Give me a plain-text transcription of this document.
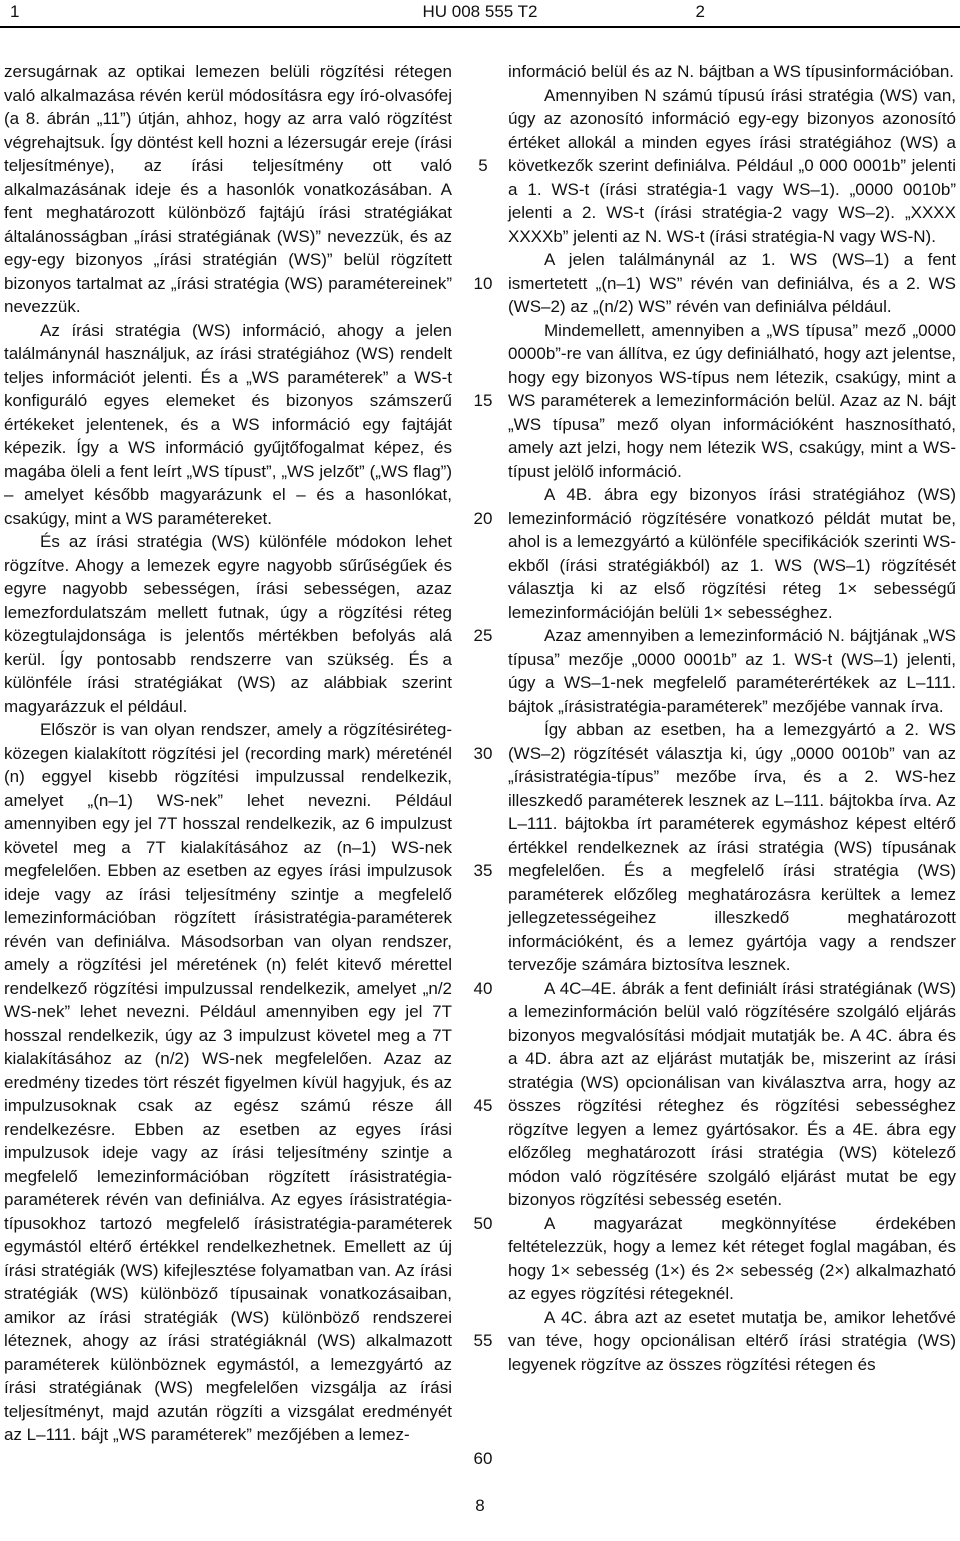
1	HU 008 555 T2	2

zersugárnak az optikai lemezen belüli rögzítési rétegen való alkalmazása révén kerül módosításra egy író-olvasófej (a 8. ábrán „11”) útján, ahhoz, hogy az arra való rögzítést végrehajtsuk. Így döntést kell hozni a lézersugár ereje (írási teljesítménye), az írási teljesítmény ott való alkalmazásának ideje és a hasonlók vonatkozásában. A fent meghatározott különböző fajtájú írási stratégiákat általánosságban „írási stratégiának (WS)” nevezzük, és az egy-egy bizonyos „írási stratégián (WS)” belül rögzített bizonyos tartalmat az „írási stratégia (WS) paramétereinek” nevezzük.

Az írási stratégia (WS) információ, ahogy a jelen találmánynál használjuk, az írási stratégiához (WS) rendelt teljes információt jelenti. És a „WS paraméterek” a WS-t konfiguráló egyes elemeket és bizonyos számszerű értékeket jelentenek, és a WS információ egy fajtáját képezik. Így a WS információ gyűjtőfogalmat képez, és magába öleli a fent leírt „WS típust”, „WS jelzőt” („WS flag”) – amelyet később magyarázunk el – és a hasonlókat, csakúgy, mint a WS paramétereket.

És az írási stratégia (WS) különféle módokon lehet rögzítve. Ahogy a lemezek egyre nagyobb sűrűségűek és egyre nagyobb sebességen, írási sebességen, azaz lemezfordulatszám mellett futnak, úgy a rögzítési réteg közegtulajdonsága is jelentős mértékben befolyás alá kerül. Így pontosabb rendszerre van szükség. És a különféle írási stratégiákat (WS) az alábbiak szerint magyarázzuk el például.

Először is van olyan rendszer, amely a rögzítésiréteg-közegen kialakított rögzítési jel (recording mark) méreténél (n) eggyel kisebb rögzítési impulzussal rendelkezik, amelyet „(n–1) WS-nek” lehet nevezni. Például amennyiben egy jel 7T hosszal rendelkezik, az 6 impulzust követel meg a 7T kialakításához az (n–1) WS-nek megfelelően. Ebben az esetben az egyes írási impulzusok ideje vagy az írási teljesítmény szintje a megfelelő lemezinformációban rögzített írásistratégia-paraméterek révén van definiálva. Másodsorban van olyan rendszer, amely a rögzítési jel méretének (n) felét kitevő mérettel rendelkező rögzítési impulzussal rendelkezik, amelyet „n/2 WS-nek” lehet nevezni. Például amennyiben egy jel 7T hosszal rendelkezik, úgy az 3 impulzust követel meg a 7T kialakításához az (n/2) WS-nek megfelelően. Azaz az eredmény tizedes tört részét figyelmen kívül hagyjuk, és az impulzusoknak csak az egész számú része áll rendelkezésre. Ebben az esetben az egyes írási impulzusok ideje vagy az írási teljesítmény szintje a megfelelő lemezinformációban rögzített írásistratégia-paraméterek révén van definiálva. Az egyes írásistratégia-típusokhoz tartozó megfelelő írásistratégia-paraméterek egymástól eltérő értékkel rendelkezhetnek. Emellett az új írási stratégiák (WS) kifejlesztése folyamatban van. Az írási stratégiák (WS) különböző típusainak vonatkozásaiban, amikor az írási stratégiák (WS) különböző rendszerei léteznek, ahogy az írási stratégiáknál (WS) alkalmazott paraméterek különböznek egymástól, a lemezgyártó az írási stratégiának (WS) megfelelően vizsgálja az írási teljesítményt, majd azután rögzíti a vizsgálat eredményét az L–111. bájt „WS paraméterek” mezőjében a lemez-

5
10
15
20
25
30
35
40
45
50
55
60

információ belül és az N. bájtban a WS típusinformációban.

Amennyiben N számú típusú írási stratégia (WS) van, úgy az azonosító információ egy-egy bizonyos azonosító értéket allokál a minden egyes írási stratégiához (WS) a következők szerint definiálva. Például „0 000 0001b” jelenti a 1. WS-t (írási stratégia-1 vagy WS–1). „0000 0010b” jelenti a 2. WS-t (írási stratégia-2 vagy WS–2). „XXXX XXXXb” jelenti az N. WS-t (írási stratégia-N vagy WS-N).

A jelen találmánynál az 1. WS (WS–1) a fent ismertetett „(n–1) WS” révén van definiálva, és a 2. WS (WS–2) az „(n/2) WS” révén van definiálva például.

Mindemellett, amennyiben a „WS típusa” mező „0000 0000b”-re van állítva, ez úgy definiálható, hogy azt jelentse, hogy egy bizonyos WS-típus nem létezik, csakúgy, mint a WS paraméterek a lemezinformáción belül. Azaz az N. bájt „WS típusa” mező olyan információként hasznosítható, amely azt jelzi, hogy nem létezik WS, csakúgy, mint a WS-típust jelölő információ.

A 4B. ábra egy bizonyos írási stratégiához (WS) lemezinformáció rögzítésére vonatkozó példát mutat be, ahol is a lemezgyártó a különféle specifikációk szerinti WS-ekből (írási stratégiákból) az 1. WS (WS–1) rögzítését választja ki az első rögzítési réteg 1× sebességű lemezinformációján belüli 1× sebességhez.

Azaz amennyiben a lemezinformáció N. bájtjának „WS típusa” mezője „0000 0001b” az 1. WS-t (WS–1) jelenti, úgy a WS–1-nek megfelelő paraméterértékek az L–111. bájtok „írásistratégia-paraméterek” mezőjébe vannak írva.

Így abban az esetben, ha a lemezgyártó a 2. WS (WS–2) rögzítését választja ki, úgy „0000 0010b” van az „írásistratégia-típus” mezőbe írva, és a 2. WS-hez illeszkedő paraméterek lesznek az L–111. bájtokba írva. Az L–111. bájtokba írt paraméterek egymáshoz képest eltérő értékkel rendelkeznek az írási stratégia (WS) típusának megfelelően. És a megfelelő írási stratégia (WS) paraméterek előzőleg meghatározásra kerültek a lemez jellegzetességeihez illeszkedő meghatározott információként, és a lemez gyártója vagy a rendszer tervezője számára biztosítva lesznek.

A 4C–4E. ábrák a fent definiált írási stratégiának (WS) a lemezinformáción belül való rögzítésére szolgáló eljárás bizonyos megvalósítási módjait mutatják be. A 4C. ábra és a 4D. ábra azt az eljárást mutatják be, miszerint az írási stratégia (WS) opcionálisan van kiválasztva arra, hogy az összes rögzítési réteghez és rögzítési sebességhez rögzítve legyen a lemez gyártósakor. És a 4E. ábra egy előzőleg meghatározott írási stratégia (WS) kötelező módon való rögzítésére szolgáló eljárást mutat be egy bizonyos rögzítési sebesség esetén.

A magyarázat megkönnyítése érdekében feltételezzük, hogy a lemez két réteget foglal magában, és hogy 1× sebesség (1×) és 2× sebesség (2×) alkalmazható az egyes rögzítési rétegeknél.

A 4C. ábra azt az esetet mutatja be, amikor lehetővé van téve, hogy opcionálisan eltérő írási stratégia (WS) legyenek rögzítve az összes rögzítési rétegen és

8
